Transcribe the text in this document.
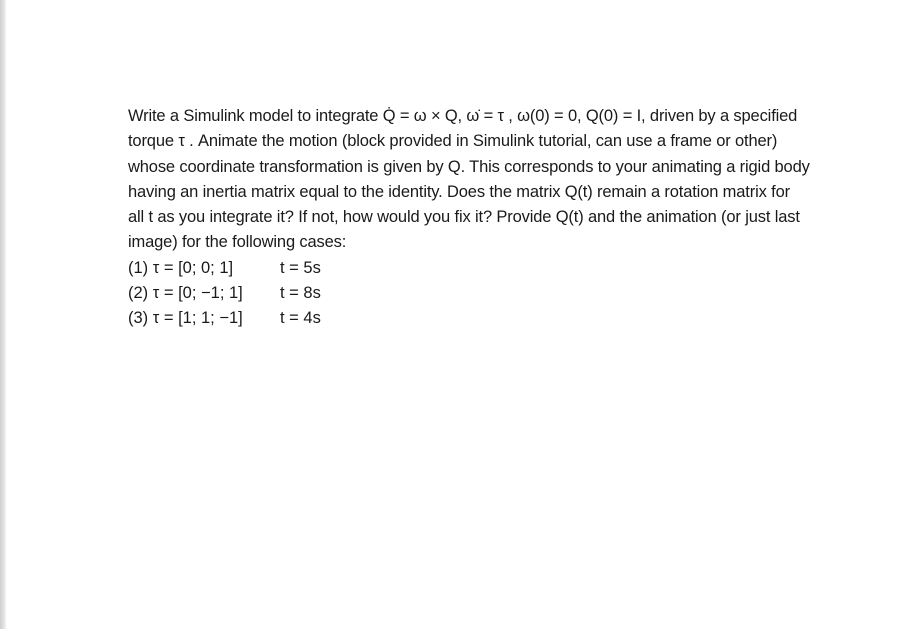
Write a Simulink model to integrate Q̇ = ω × Q, ω̇ = τ , ω(0) = 0, Q(0) = I, driven by a specified
torque τ . Animate the motion (block provided in Simulink tutorial, can use a frame or other)
whose coordinate transformation is given by Q. This corresponds to your animating a rigid body
having an inertia matrix equal to the identity. Does the matrix Q(t) remain a rotation matrix for
all t as you integrate it? If not, how would you fix it? Provide Q(t) and the animation (or just last
image) for the following cases:
(1) τ = [0; 0; 1]	t = 5s
(2) τ = [0; −1; 1]	t = 8s
(3) τ = [1; 1; −1]	t = 4s
